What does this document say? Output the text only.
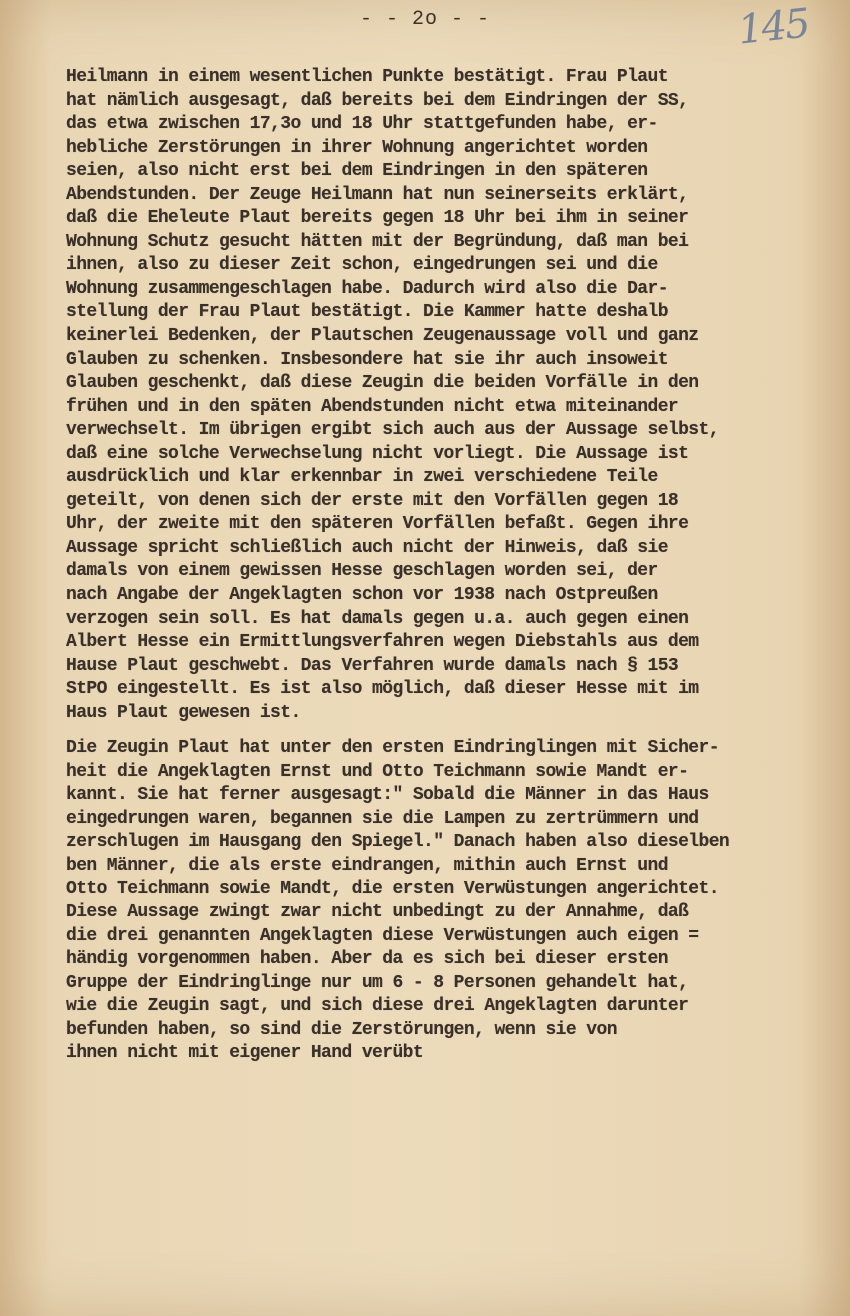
- - 2o - -	145
Heilmann in einem wesentlichen Punkte bestätigt. Frau Plaut
hat nämlich ausgesagt, daß bereits bei dem Eindringen der SS,
das etwa zwischen 17,3o und 18 Uhr stattgefunden habe, er-
hebliche Zerstörungen in ihrer Wohnung angerichtet worden
seien, also nicht erst bei dem Eindringen in den späteren
Abendstunden. Der Zeuge Heilmann hat nun seinerseits erklärt,
daß die Eheleute Plaut bereits gegen 18 Uhr bei ihm in seiner
Wohnung Schutz gesucht hätten mit der Begründung, daß man bei
ihnen, also zu dieser Zeit schon, eingedrungen sei und die
Wohnung zusammengeschlagen habe. Dadurch wird also die Dar-
stellung der Frau Plaut bestätigt. Die Kammer hatte deshalb
keinerlei Bedenken, der Plautschen Zeugenaussage voll und ganz
Glauben zu schenken. Insbesondere hat sie ihr auch insoweit
Glauben geschenkt, daß diese Zeugin die beiden Vorfälle in den
frühen und in den späten Abendstunden nicht etwa miteinander
verwechselt. Im übrigen ergibt sich auch aus der Aussage selbst,
daß eine solche Verwechselung nicht vorliegt. Die Aussage ist
ausdrücklich und klar erkennbar in zwei verschiedene Teile
geteilt, von denen sich der erste mit den Vorfällen gegen 18
Uhr, der zweite mit den späteren Vorfällen befaßt. Gegen ihre
Aussage spricht schließlich auch nicht der Hinweis, daß sie
damals von einem gewissen Hesse geschlagen worden sei, der
nach Angabe der Angeklagten schon vor 1938 nach Ostpreußen
verzogen sein soll. Es hat damals gegen u.a. auch gegen einen
Albert Hesse ein Ermittlungsverfahren wegen Diebstahls aus dem
Hause Plaut geschwebt. Das Verfahren wurde damals nach § 153
StPO eingestellt. Es ist also möglich, daß dieser Hesse mit im
Haus Plaut gewesen ist.
Die Zeugin Plaut hat unter den ersten Eindringlingen mit Sicher-
heit die Angeklagten Ernst und Otto Teichmann sowie Mandt er-
kannt. Sie hat ferner ausgesagt:" Sobald die Männer in das Haus
eingedrungen waren, begannen sie die Lampen zu zertrümmern und
zerschlugen im Hausgang den Spiegel." Danach haben also dieselben
ben Männer, die als erste eindrangen, mithin auch Ernst und
Otto Teichmann sowie Mandt, die ersten Verwüstungen angerichtet.
Diese Aussage zwingt zwar nicht unbedingt zu der Annahme, daß
die drei genannten Angeklagten diese Verwüstungen auch eigen =
händig vorgenommen haben. Aber da es sich bei dieser ersten
Gruppe der Eindringlinge nur um 6 - 8 Personen gehandelt hat,
wie die Zeugin sagt, und sich diese drei Angeklagten darunter
befunden haben, so sind die Zerstörungen, wenn sie von
ihnen nicht mit eigener Hand verübt
